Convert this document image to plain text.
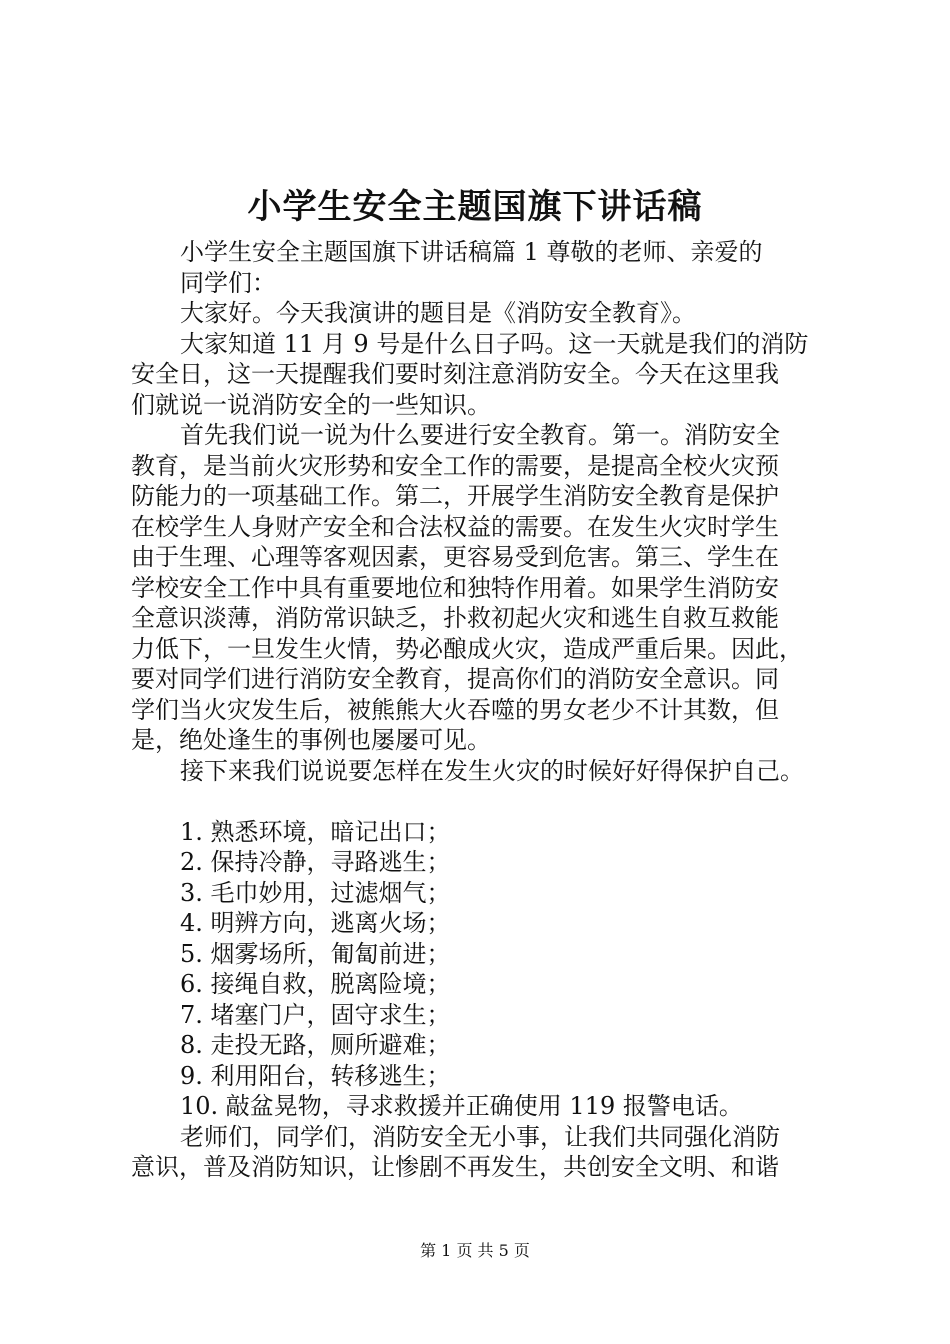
小学生安全主题国旗下讲话稿
小学生安全主题国旗下讲话稿篇 1 尊敬的老师、亲爱的
同学们：
大家好。今天我演讲的题目是《消防安全教育》。
大家知道 11 月 9 号是什么日子吗。这一天就是我们的消防
安全日，这一天提醒我们要时刻注意消防安全。今天在这里我
们就说一说消防安全的一些知识。
首先我们说一说为什么要进行安全教育。第一。消防安全
教育，是当前火灾形势和安全工作的需要，是提高全校火灾预
防能力的一项基础工作。第二，开展学生消防安全教育是保护
在校学生人身财产安全和合法权益的需要。在发生火灾时学生
由于生理、心理等客观因素，更容易受到危害。第三、学生在
学校安全工作中具有重要地位和独特作用着。如果学生消防安
全意识淡薄，消防常识缺乏，扑救初起火灾和逃生自救互救能
力低下，一旦发生火情，势必酿成火灾，造成严重后果。因此，
要对同学们进行消防安全教育，提高你们的消防安全意识。同
学们当火灾发生后，被熊熊大火吞噬的男女老少不计其数，但
是，绝处逢生的事例也屡屡可见。
接下来我们说说要怎样在发生火灾的时候好好得保护自己。
1. 熟悉环境，暗记出口；
2. 保持冷静，寻路逃生；
3. 毛巾妙用，过滤烟气；
4. 明辨方向，逃离火场；
5. 烟雾场所，匍匐前进；
6. 接绳自救，脱离险境；
7. 堵塞门户，固守求生；
8. 走投无路，厕所避难；
9. 利用阳台，转移逃生；
10. 敲盆晃物，寻求救援并正确使用 119 报警电话。
老师们，同学们，消防安全无小事，让我们共同强化消防
意识，普及消防知识，让惨剧不再发生，共创安全文明、和谐
第 1 页 共 5 页
